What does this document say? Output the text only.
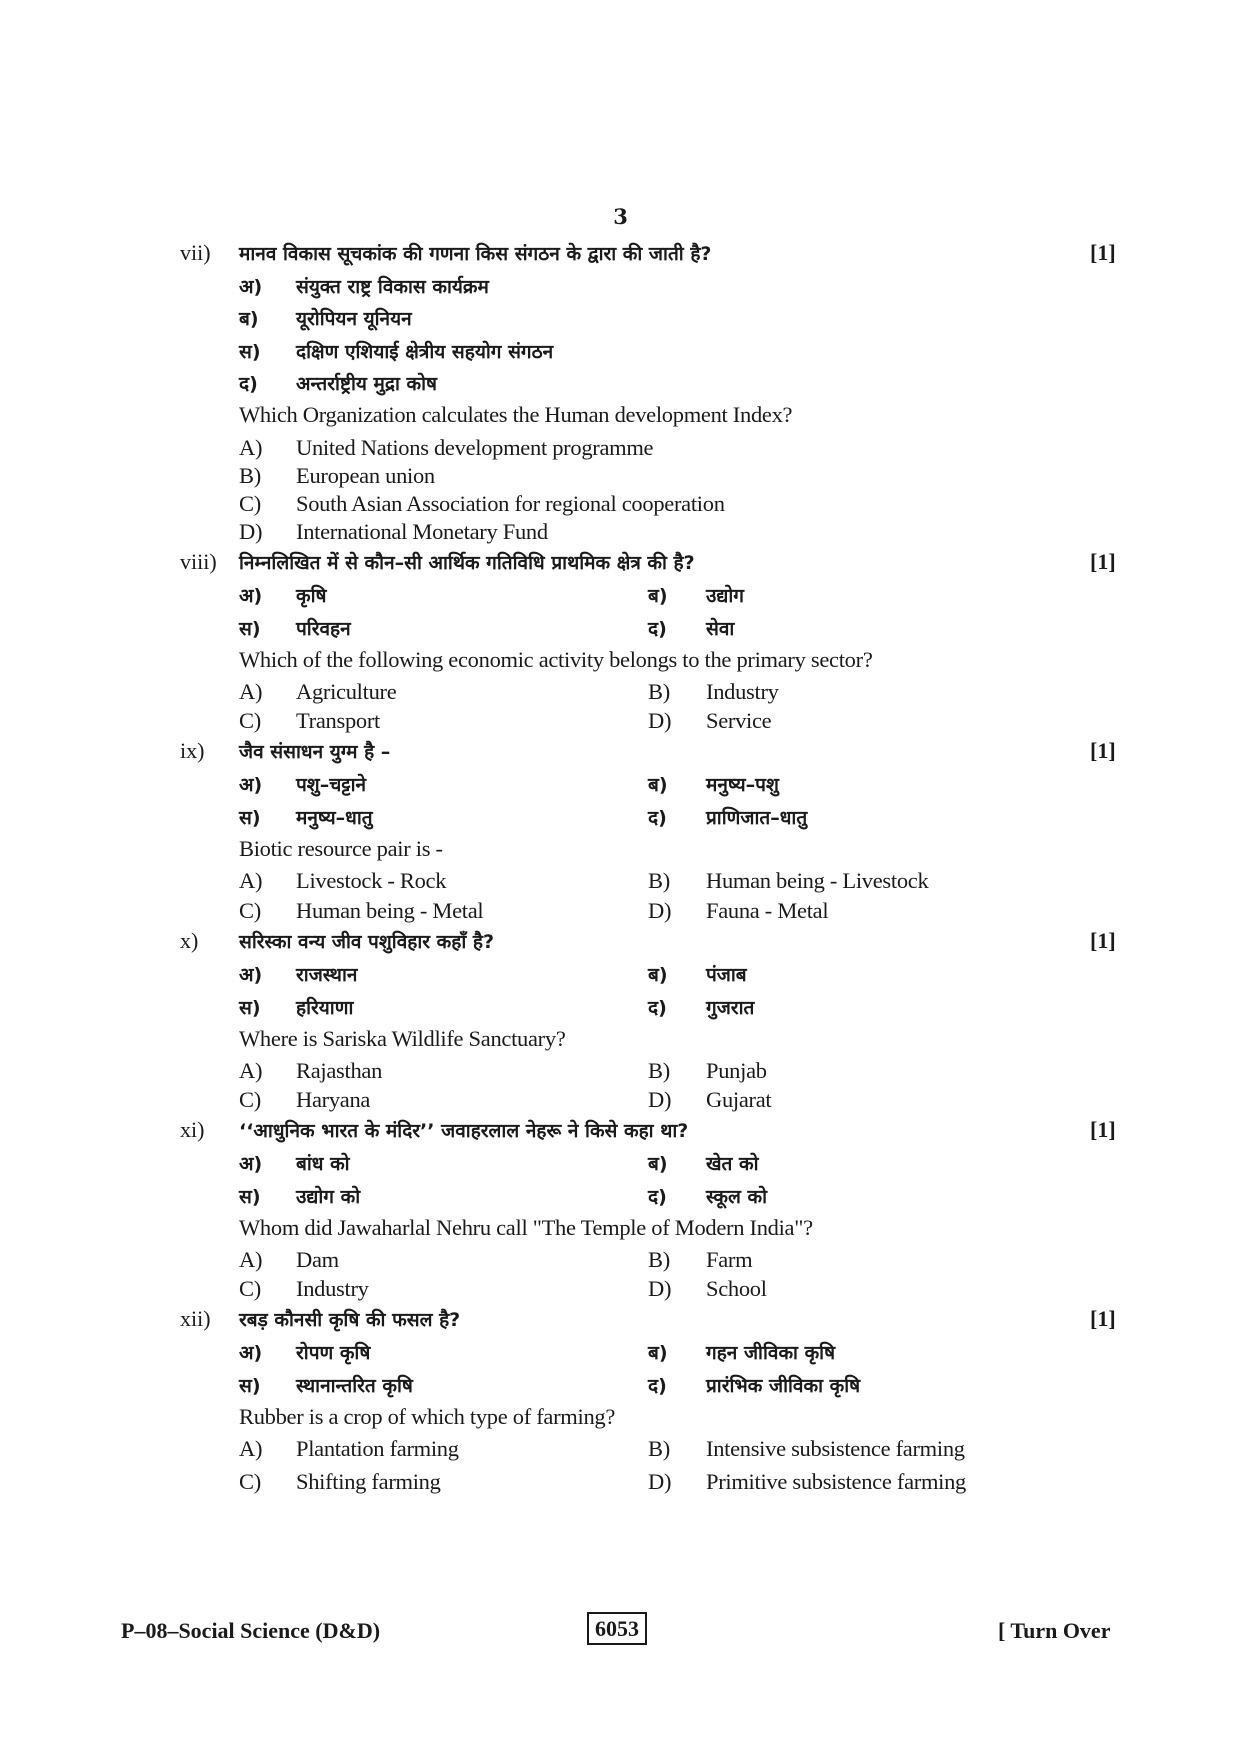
3
vii) मानव विकास सूचकांक की गणना किस संगठन के द्वारा की जाती है?	[1]
अ) संयुक्त राष्ट्र विकास कार्यक्रम
ब) यूरोपियन यूनियन
स) दक्षिण एशियाई क्षेत्रीय सहयोग संगठन
द) अन्तर्राष्ट्रीय मुद्रा कोष
Which Organization calculates the Human development Index?
A) United Nations development programme
B) European union
C) South Asian Association for regional cooperation
D) International Monetary Fund
viii) निम्नलिखित में से कौन–सी आर्थिक गतिविधि प्राथमिक क्षेत्र की है?	[1]
अ) कृषि	ब) उद्योग
स) परिवहन	द) सेवा
Which of the following economic activity belongs to the primary sector?
A) Agriculture	B) Industry
C) Transport	D) Service
ix) जैव संसाधन युग्म है –	[1]
अ) पशु–चट्टाने	ब) मनुष्य–पशु
स) मनुष्य–धातु	द) प्राणिजात–धातु
Biotic resource pair is -
A) Livestock - Rock	B) Human being - Livestock
C) Human being - Metal	D) Fauna - Metal
x) सरिस्का वन्य जीव पशुविहार कहाँ है?	[1]
अ) राजस्थान	ब) पंजाब
स) हरियाणा	द) गुजरात
Where is Sariska Wildlife Sanctuary?
A) Rajasthan	B) Punjab
C) Haryana	D) Gujarat
xi) ‘‘आधुनिक भारत के मंदिर’’ जवाहरलाल नेहरू ने किसे कहा था?	[1]
अ) बांध को	ब) खेत को
स) उद्योग को	द) स्कूल को
Whom did Jawaharlal Nehru call "The Temple of Modern India"?
A) Dam	B) Farm
C) Industry	D) School
xii) रबड़ कौनसी कृषि की फसल है?	[1]
अ) रोपण कृषि	ब) गहन जीविका कृषि
स) स्थानान्तरित कृषि	द) प्रारंभिक जीविका कृषि
Rubber is a crop of which type of farming?
A) Plantation farming	B) Intensive subsistence farming
C) Shifting farming	D) Primitive subsistence farming
P–08–Social Science (D&D)	6053	[ Turn Over
